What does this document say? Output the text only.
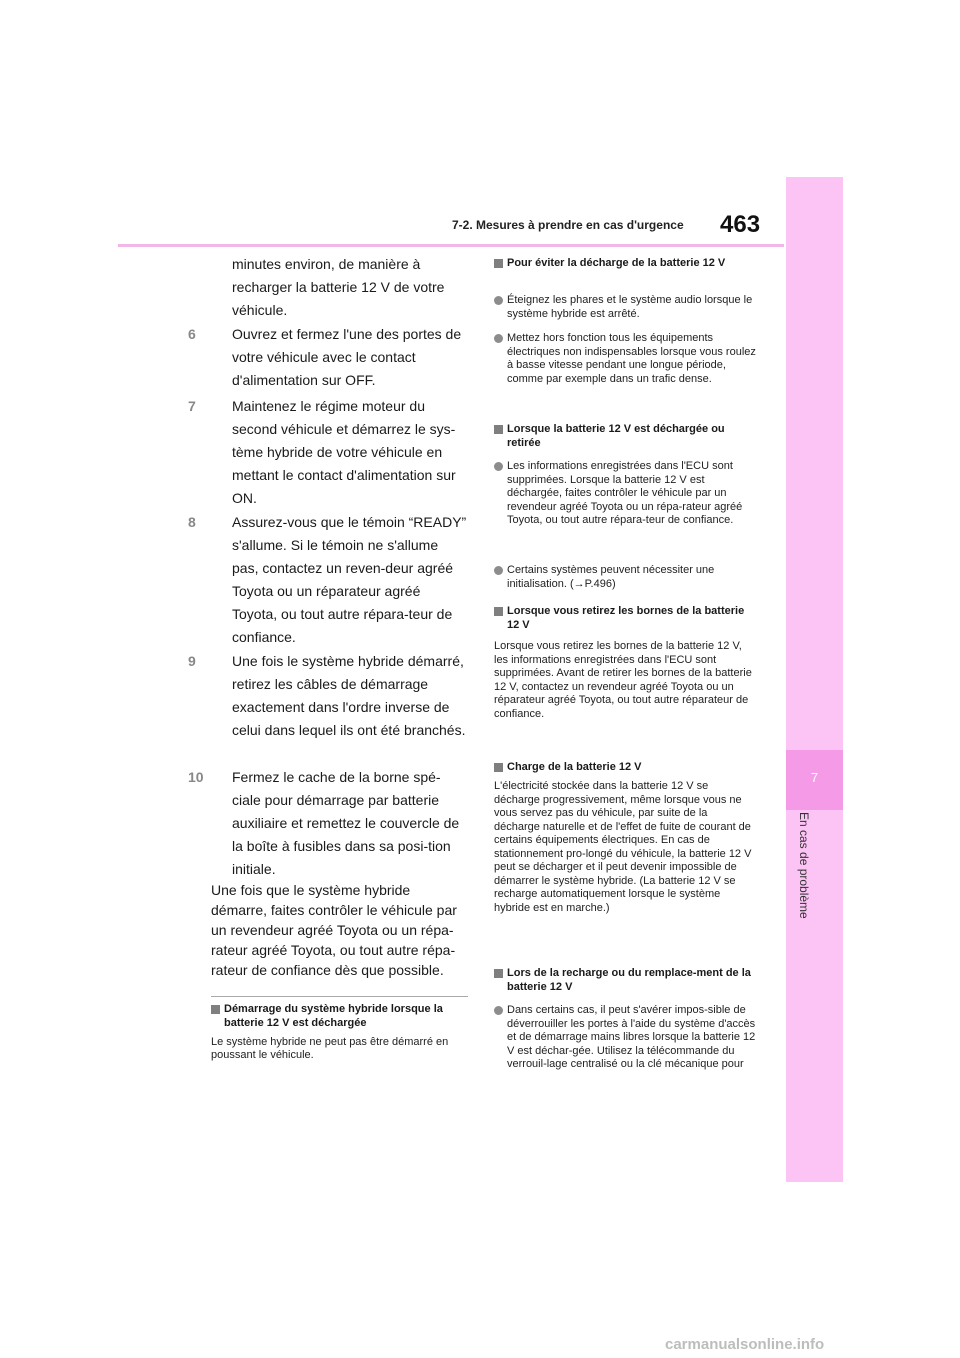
7-2. Mesures à prendre en cas d'urgence 463
7
En cas de problème
minutes environ, de manière à recharger la batterie 12 V de votre véhicule.
6	Ouvrez et fermez l'une des portes de votre véhicule avec le contact d'alimentation sur OFF.
7	Maintenez le régime moteur du second véhicule et démarrez le sys-tème hybride de votre véhicule en mettant le contact d'alimentation sur ON.
8	Assurez-vous que le témoin “READY” s'allume. Si le témoin ne s'allume pas, contactez un reven-deur agréé Toyota ou un réparateur agréé Toyota, ou tout autre répara-teur de confiance.
9	Une fois le système hybride démarré, retirez les câbles de démarrage exactement dans l'ordre inverse de celui dans lequel ils ont été branchés.
10	Fermez le cache de la borne spé-ciale pour démarrage par batterie auxiliaire et remettez le couvercle de la boîte à fusibles dans sa posi-tion initiale.
Une fois que le système hybride démarre, faites contrôler le véhicule par un revendeur agréé Toyota ou un répa-rateur agréé Toyota, ou tout autre répa-rateur de confiance dès que possible.
Démarrage du système hybride lorsque la batterie 12 V est déchargée
Le système hybride ne peut pas être démarré en poussant le véhicule.
Pour éviter la décharge de la batterie 12 V
Éteignez les phares et le système audio lorsque le système hybride est arrêté.
Mettez hors fonction tous les équipements électriques non indispensables lorsque vous roulez à basse vitesse pendant une longue période, comme par exemple dans un trafic dense.
Lorsque la batterie 12 V est déchargée ou retirée
Les informations enregistrées dans l'ECU sont supprimées. Lorsque la batterie 12 V est déchargée, faites contrôler le véhicule par un revendeur agréé Toyota ou un répa-rateur agréé Toyota, ou tout autre répara-teur de confiance.
Certains systèmes peuvent nécessiter une initialisation. (→P.496)
Lorsque vous retirez les bornes de la batterie 12 V
Lorsque vous retirez les bornes de la batterie 12 V, les informations enregistrées dans l'ECU sont supprimées. Avant de retirer les bornes de la batterie 12 V, contactez un revendeur agréé Toyota ou un réparateur agréé Toyota, ou tout autre réparateur de confiance.
Charge de la batterie 12 V
L'électricité stockée dans la batterie 12 V se décharge progressivement, même lorsque vous ne vous servez pas du véhicule, par suite de la décharge naturelle et de l'effet de fuite de courant de certains équipements électriques. En cas de stationnement pro-longé du véhicule, la batterie 12 V peut se décharger et il peut devenir impossible de démarrer le système hybride. (La batterie 12 V se recharge automatiquement lorsque le système hybride est en marche.)
Lors de la recharge ou du remplace-ment de la batterie 12 V
Dans certains cas, il peut s'avérer impos-sible de déverrouiller les portes à l'aide du système d'accès et de démarrage mains libres lorsque la batterie 12 V est déchar-gée. Utilisez la télécommande du verrouil-lage centralisé ou la clé mécanique pour
carmanualsonline.info
